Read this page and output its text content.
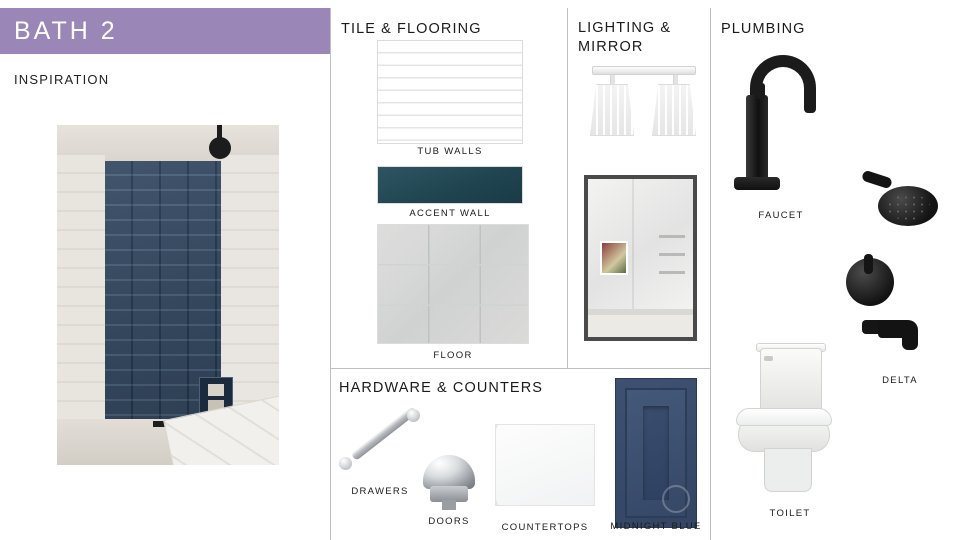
BATH 2
INSPIRATION
TILE & FLOORING	LIGHTING &
MIRROR
PLUMBING
HARDWARE & COUNTERS
TUB WALLS
ACCENT WALL
FLOOR
DRAWERS
DOORS
COUNTERTOPS	MIDNIGHT BLUE
FAUCET
DELTA
TOILET
